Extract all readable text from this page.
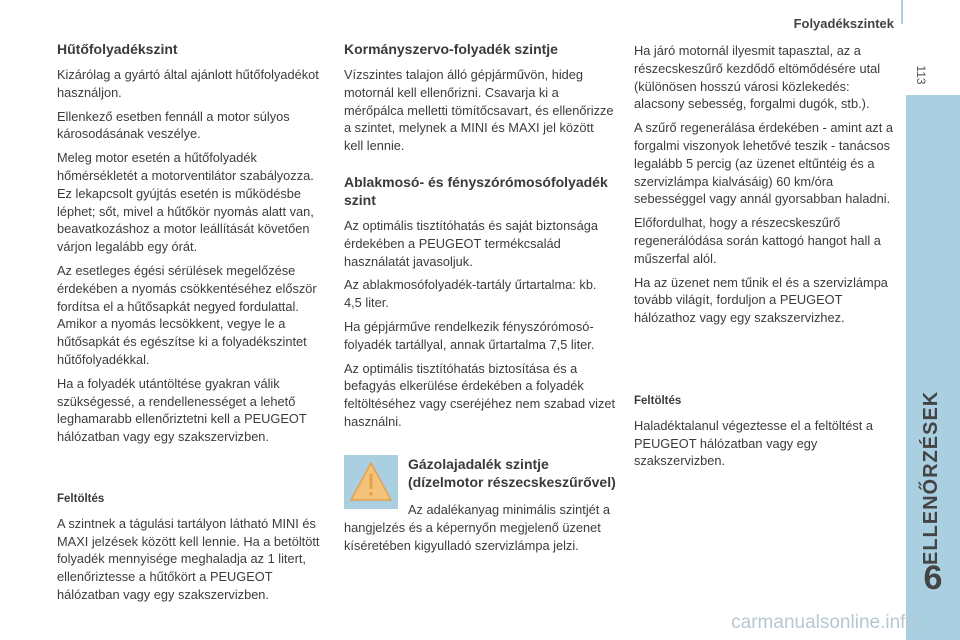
Folyadékszintek
113
ELLENŐRZÉSEK
6
Hűtőfolyadékszint

Kizárólag a gyártó által ajánlott hűtőfolyadékot használjon.

Ellenkező esetben fennáll a motor súlyos károsodásának veszélye.

Meleg motor esetén a hűtőfolyadék hőmérsékletét a motorventilátor szabályozza. Ez lekapcsolt gyújtás esetén is működésbe léphet; sőt, mivel a hűtőkör nyomás alatt van, beavatkozáshoz a motor leállítását követően várjon legalább egy órát.

Az esetleges égési sérülések megelőzése érdekében a nyomás csökkentéséhez először fordítsa el a hűtősapkát negyed fordulattal. Amikor a nyomás lecsökkent, vegye le a hűtősapkát és egészítse ki a folyadékszintet hűtőfolyadékkal.

Ha a folyadék utántöltése gyakran válik szükségessé, a rendellenességet a lehető leghamarabb ellenőriztetni kell a PEUGEOT hálózatban vagy egy szakszervizben.

Feltöltés

A szintnek a tágulási tartályon látható MINI és MAXI jelzések között kell lennie. Ha a betöltött folyadék mennyisége meghaladja az 1 litert, ellenőriztesse a hűtőkört a PEUGEOT hálózatban vagy egy szakszervizben.

Kormányszervo-folyadék szintje

Vízszintes talajon álló gépjárművön, hideg motornál kell ellenőrizni. Csavarja ki a mérőpálca melletti tömítőcsavart, és ellenőrizze a szintet, melynek a MINI és MAXI jel között kell lennie.

Ablakmosó- és fényszórómosófolyadék szint

Az optimális tisztítóhatás és saját biztonsága érdekében a PEUGEOT termékcsalád használatát javasoljuk.

Az ablakmosófolyadék-tartály űrtartalma: kb. 4,5 liter.

Ha gépjárműve rendelkezik fényszórómosó-folyadék tartállyal, annak űrtartalma 7,5 liter.

Az optimális tisztítóhatás biztosítása és a befagyás elkerülése érdekében a folyadék feltöltéséhez vagy cseréjéhez nem szabad vizet használni.

Gázolajadalék szintje (dízelmotor részecskeszűrővel)
Az adalékanyag minimális szintjét a hangjelzés és a képernyőn megjelenő üzenet kíséretében kigyulladó szervizlámpa jelzi.

Ha járó motornál ilyesmit tapasztal, az a részecskeszűrő kezdődő eltömődésére utal (különösen hosszú városi közlekedés: alacsony sebesség, forgalmi dugók, stb.).

A szűrő regenerálása érdekében - amint azt a forgalmi viszonyok lehetővé teszik - tanácsos legalább 5 percig (az üzenet eltűntéig és a szervizlámpa kialvásáig) 60 km/óra sebességgel vagy annál gyorsabban haladni.

Előfordulhat, hogy a részecskeszűrő regenerálódása során kattogó hangot hall a műszerfal alól.

Ha az üzenet nem tűnik el és a szervizlámpa tovább világít, forduljon a PEUGEOT hálózathoz vagy egy szakszervizhez.

Feltöltés

Haladéktalanul végeztesse el a feltöltést a PEUGEOT hálózatban vagy egy szakszervizben.

carmanualsonline.info
